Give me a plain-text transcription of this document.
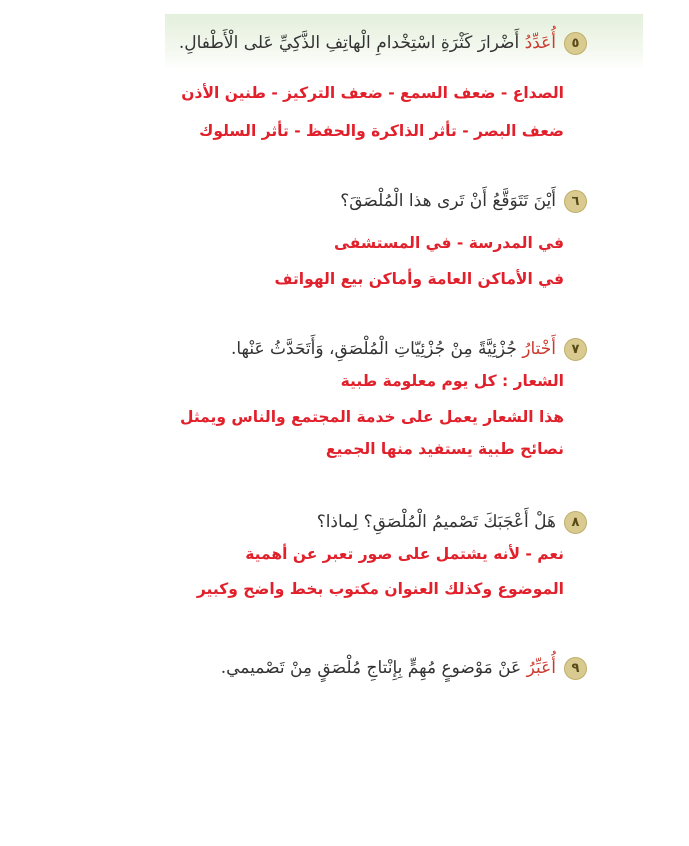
٥أُعَدِّدُ أَضْرارَ كَثْرَةِ اسْتِخْدامِ الْهاتِفِ الذَّكِيِّ عَلى الْأَطْفالِ.
الصداع - ضعف السمع - ضعف التركيز - طنين الأذن
ضعف البصر - تأثر الذاكرة والحفظ - تأثر السلوك
٦أَيْنَ تَتَوَقَّعُ أَنْ تَرى هذا الْمُلْصَقَ؟
في المدرسة - في المستشفى
في الأماكن العامة وأماكن بيع الهواتف
٧أَخْتارُ جُزْئِيَّةً مِنْ جُزْئِيّاتِ الْمُلْصَقِ، وَأَتَحَدَّثُ عَنْها.
الشعار : كل يوم معلومة طبية
هذا الشعار يعمل على خدمة المجتمع والناس ويمثل
نصائح طبية يستفيد منها الجميع
٨هَلْ أَعْجَبَكَ تَصْميمُ الْمُلْصَقِ؟ لِماذا؟
نعم - لأنه يشتمل على صور تعبر عن أهمية
الموضوع وكذلك العنوان مكتوب بخط واضح وكبير
٩أُعَبِّرُ عَنْ مَوْضوعٍ مُهِمٍّ بِإِنْتاجِ مُلْصَقٍ مِنْ تَصْميمي.
